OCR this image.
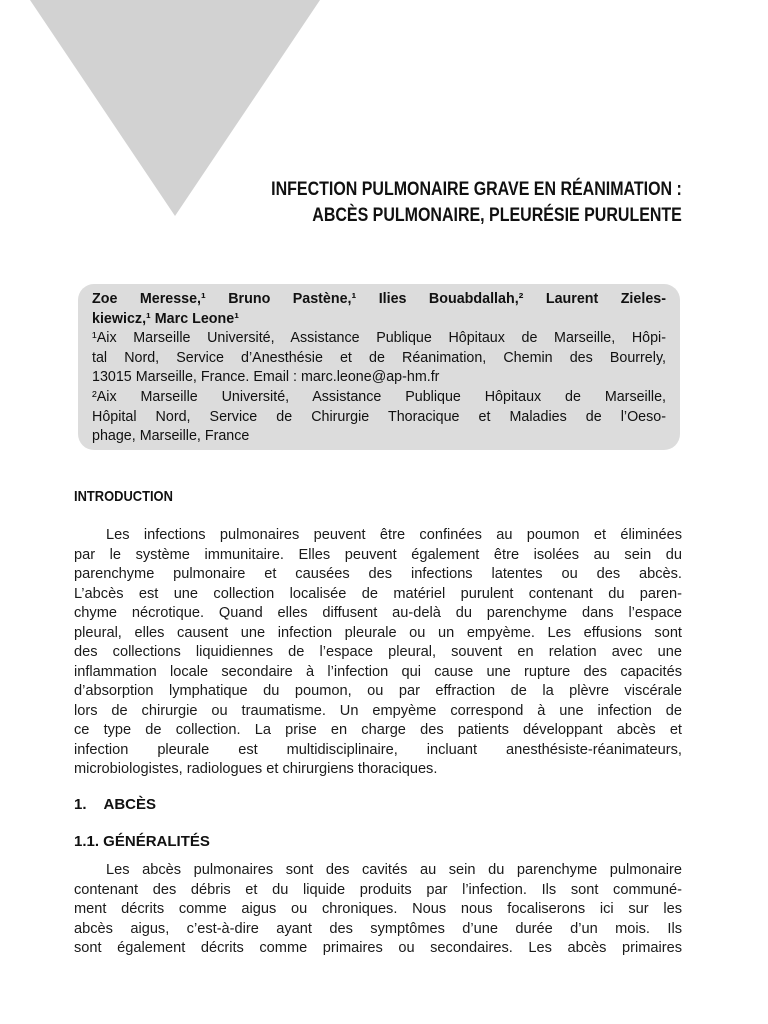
INFECTION PULMONAIRE GRAVE EN RÉANIMATION :
ABCÈS PULMONAIRE, PLEURÉSIE PURULENTE
Zoe Meresse,¹ Bruno Pastène,¹ Ilies Bouabdallah,² Laurent Zieles-
kiewicz,¹ Marc Leone¹
¹Aix Marseille Université, Assistance Publique Hôpitaux de Marseille, Hôpi-
tal Nord, Service d’Anesthésie et de Réanimation, Chemin des Bourrely,
13015 Marseille, France. Email : marc.leone@ap-hm.fr
²Aix Marseille Université, Assistance Publique Hôpitaux de Marseille,
Hôpital Nord, Service de Chirurgie Thoracique et Maladies de l’Oeso-
phage, Marseille, France
INTRODUCTION
Les infections pulmonaires peuvent être confinées au poumon et éliminées
par le système immunitaire. Elles peuvent également être isolées au sein du
parenchyme pulmonaire et causées des infections latentes ou des abcès.
L’abcès est une collection localisée de matériel purulent contenant du paren-
chyme nécrotique. Quand elles diffusent au-delà du parenchyme dans l’espace
pleural, elles causent une infection pleurale ou un empyème. Les effusions sont
des collections liquidiennes de l’espace pleural, souvent en relation avec une
inflammation locale secondaire à l’infection qui cause une rupture des capacités
d’absorption lymphatique du poumon, ou par effraction de la plèvre viscérale
lors de chirurgie ou traumatisme. Un empyème correspond à une infection de
ce type de collection. La prise en charge des patients développant abcès et
infection pleurale est multidisciplinaire, incluant anesthésiste-réanimateurs,
microbiologistes, radiologues et chirurgiens thoraciques.
1. ABCÈS
1.1. GÉNÉRALITÉS
Les abcès pulmonaires sont des cavités au sein du parenchyme pulmonaire
contenant des débris et du liquide produits par l’infection. Ils sont communé-
ment décrits comme aigus ou chroniques. Nous nous focaliserons ici sur les
abcès aigus, c’est-à-dire ayant des symptômes d’une durée d’un mois. Ils
sont également décrits comme primaires ou secondaires. Les abcès primaires
